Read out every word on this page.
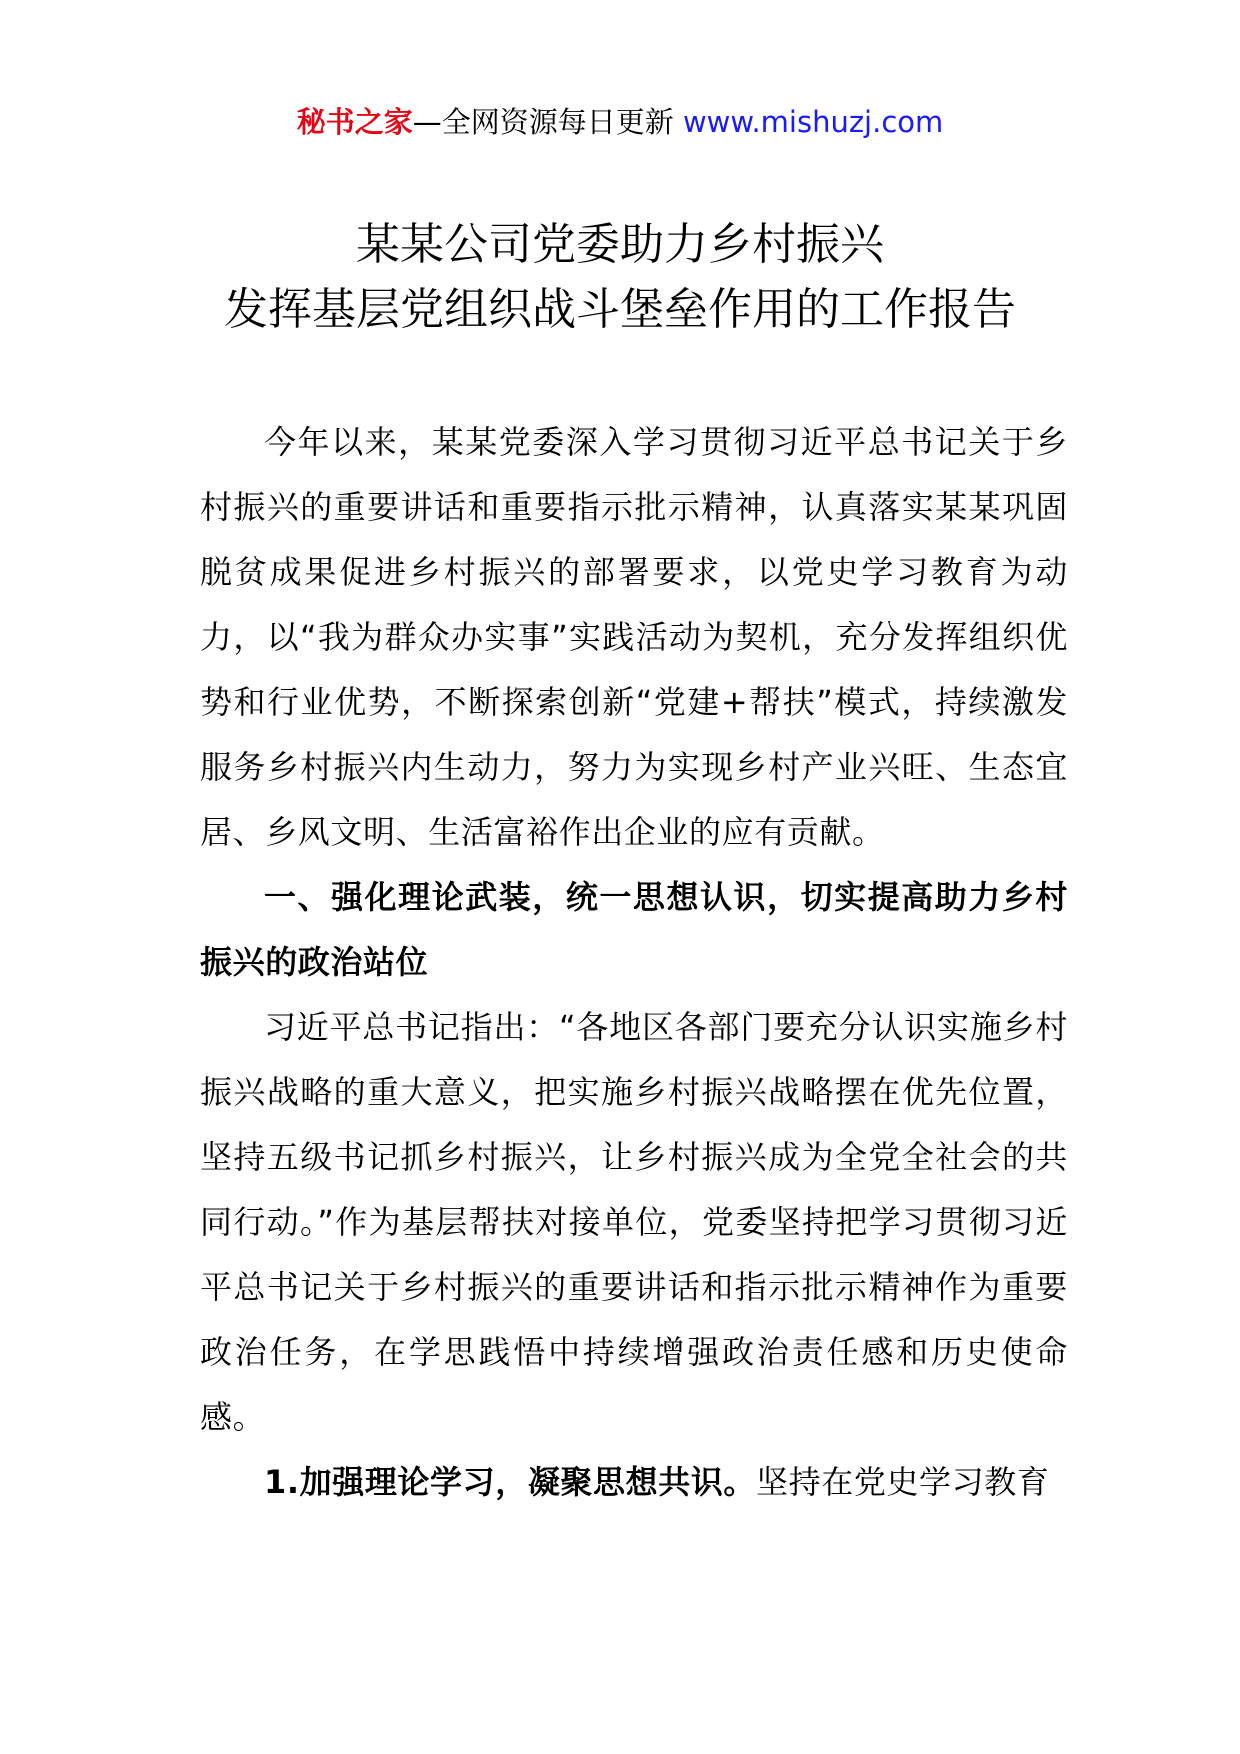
秘书之家—全网资源每日更新 www.mishuzj.com
某某公司党委助力乡村振兴
发挥基层党组织战斗堡垒作用的工作报告

今年以来，某某党委深入学习贯彻习近平总书记关于乡村振兴的重要讲话和重要指示批示精神，认真落实某某巩固脱贫成果促进乡村振兴的部署要求，以党史学习教育为动力，以“我为群众办实事”实践活动为契机，充分发挥组织优势和行业优势，不断探索创新“党建+帮扶”模式，持续激发服务乡村振兴内生动力，努力为实现乡村产业兴旺、生态宜居、乡风文明、生活富裕作出企业的应有贡献。

一、强化理论武装，统一思想认识，切实提高助力乡村振兴的政治站位

习近平总书记指出：“各地区各部门要充分认识实施乡村振兴战略的重大意义，把实施乡村振兴战略摆在优先位置，坚持五级书记抓乡村振兴，让乡村振兴成为全党全社会的共同行动。”作为基层帮扶对接单位，党委坚持把学习贯彻习近平总书记关于乡村振兴的重要讲话和指示批示精神作为重要政治任务，在学思践悟中持续增强政治责任感和历史使命感。

1.加强理论学习，凝聚思想共识。坚持在党史学习教育
